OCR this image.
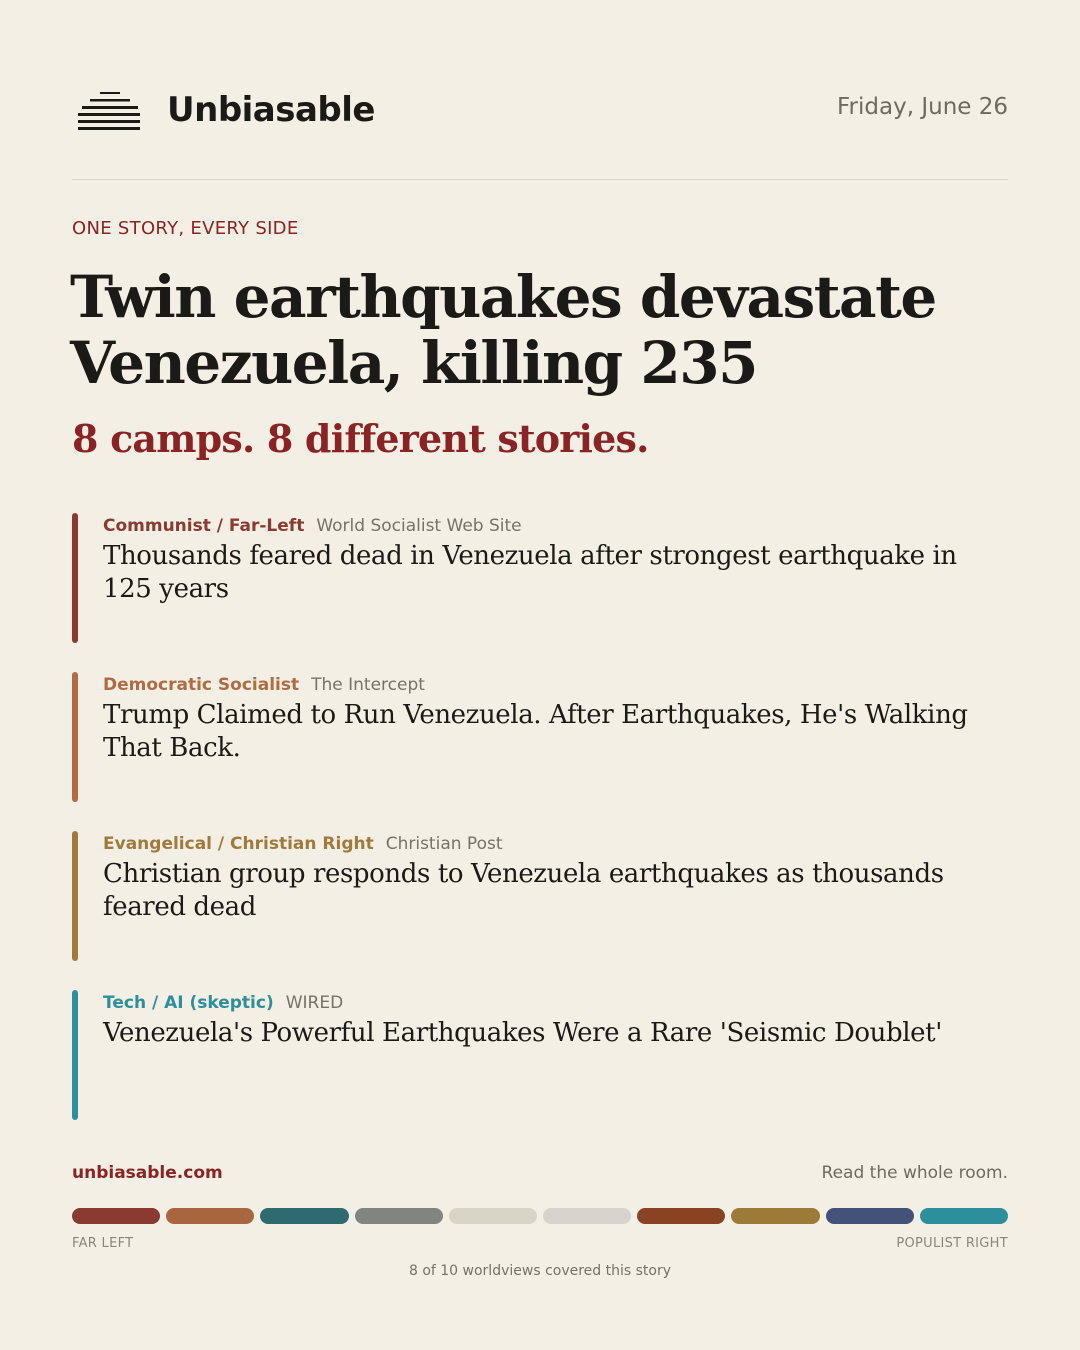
Unbiasable	Friday, June 26
ONE STORY, EVERY SIDE
Twin earthquakes devastate Venezuela, killing 235
8 camps. 8 different stories.
Communist / Far-Left World Socialist Web Site
Thousands feared dead in Venezuela after strongest earthquake in 125 years
Democratic Socialist The Intercept
Trump Claimed to Run Venezuela. After Earthquakes, He's Walking That Back.
Evangelical / Christian Right Christian Post
Christian group responds to Venezuela earthquakes as thousands feared dead
Tech / AI (skeptic) WIRED
Venezuela's Powerful Earthquakes Were a Rare 'Seismic Doublet'
unbiasable.com	Read the whole room.
FAR LEFT	POPULIST RIGHT
8 of 10 worldviews covered this story
